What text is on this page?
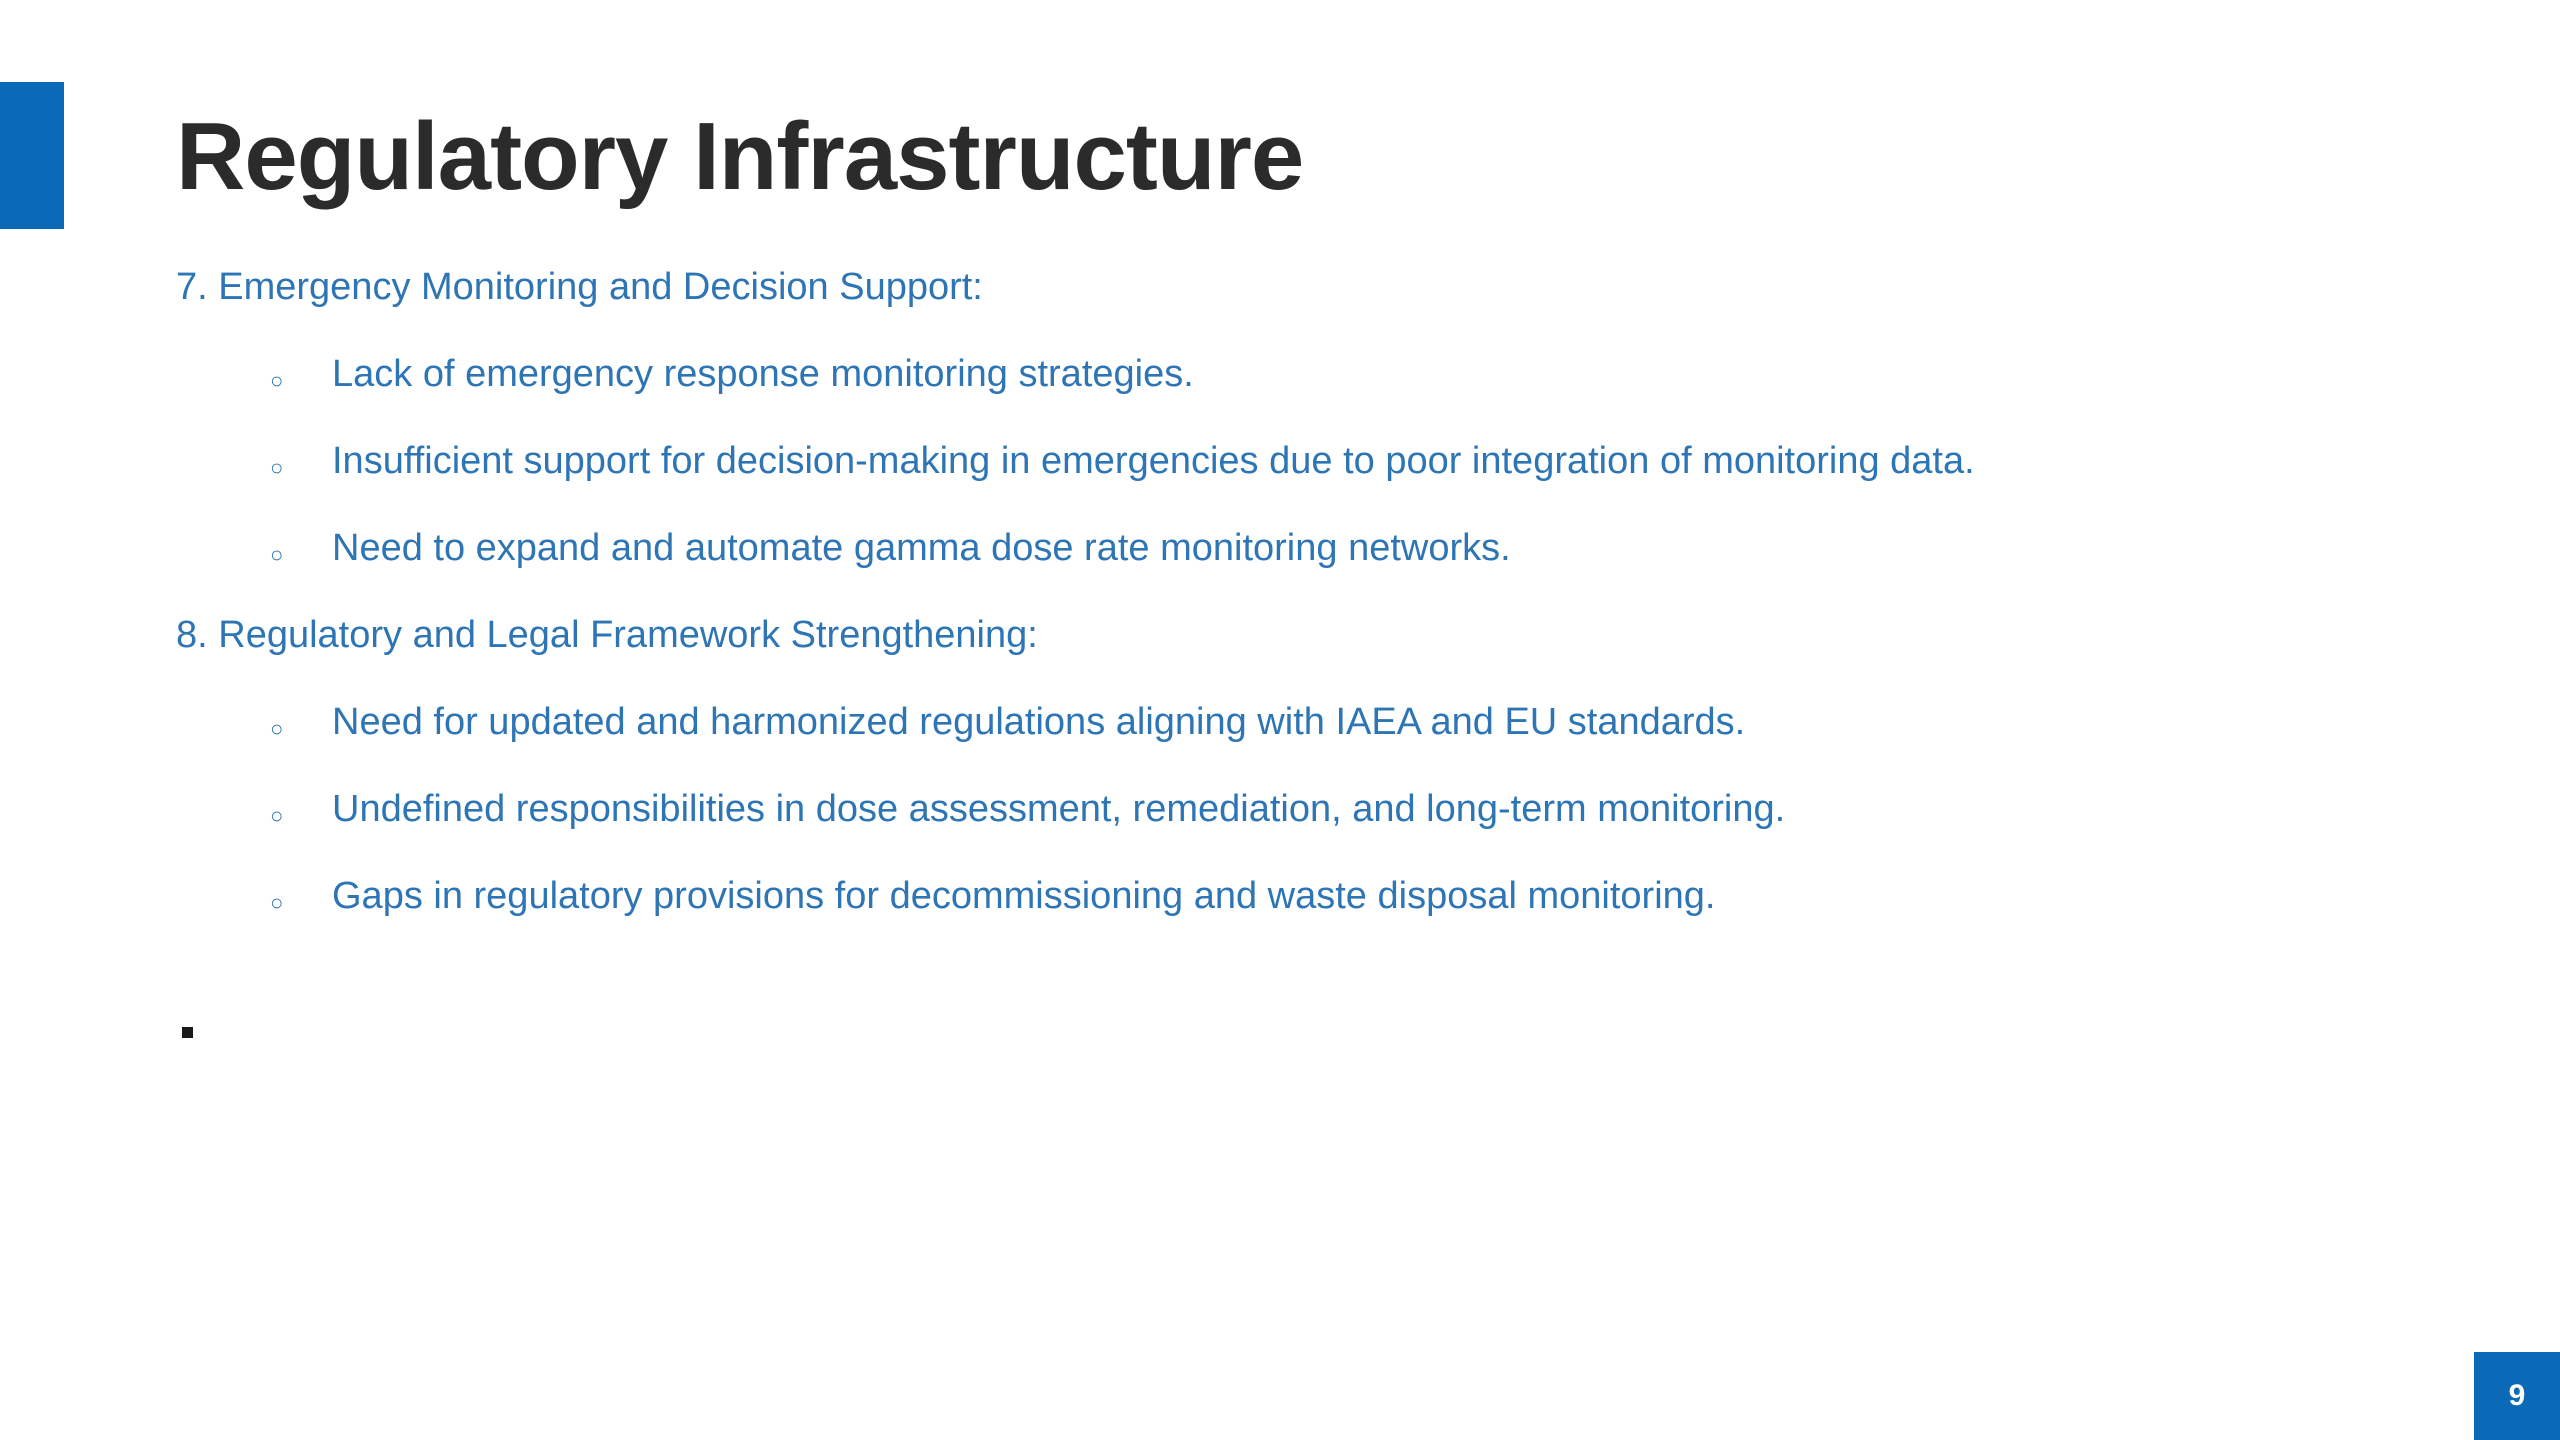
Regulatory Infrastructure
7. Emergency Monitoring and Decision Support:
○ Lack of emergency response monitoring strategies.
○ Insufficient support for decision-making in emergencies due to poor integration of monitoring data.
○ Need to expand and automate gamma dose rate monitoring networks.
8. Regulatory and Legal Framework Strengthening:
○ Need for updated and harmonized regulations aligning with IAEA and EU standards.
○ Undefined responsibilities in dose assessment, remediation, and long-term monitoring.
○ Gaps in regulatory provisions for decommissioning and waste disposal monitoring.
9
